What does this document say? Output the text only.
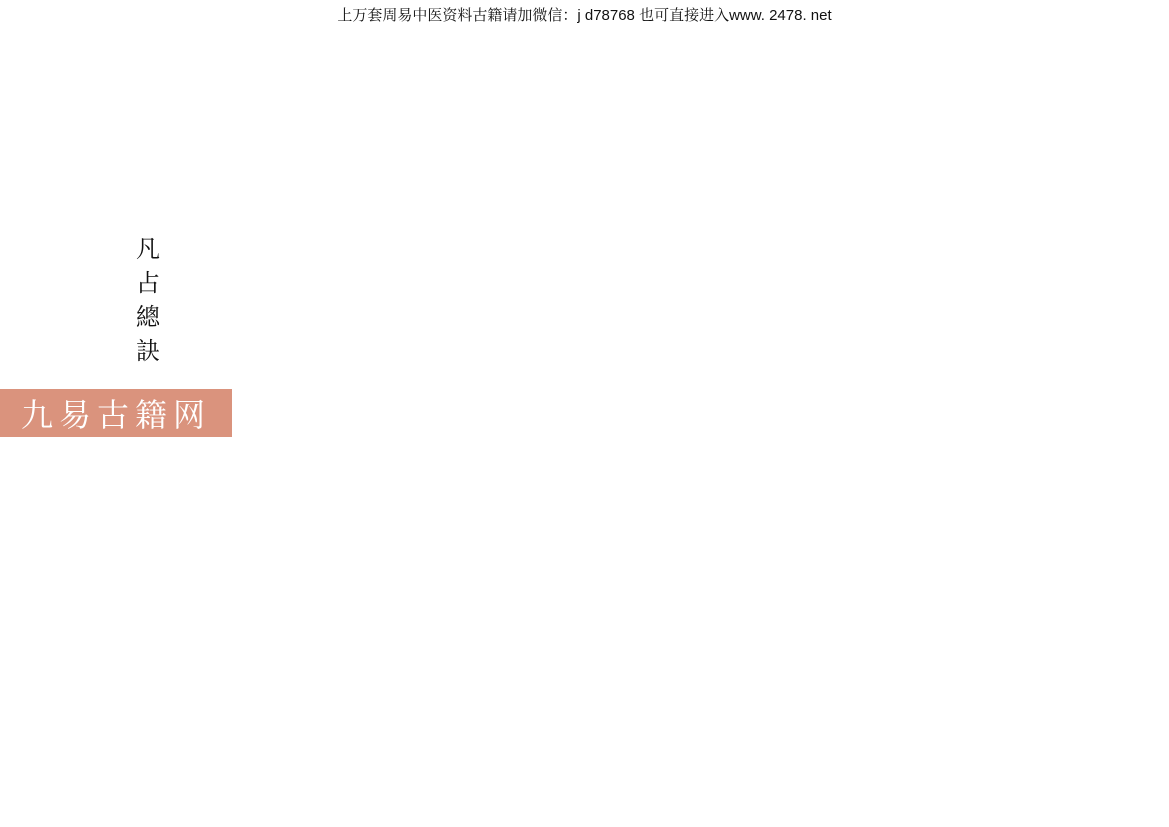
上万套周易中医资料古籍请加微信：j d78768 也可直接进入www. 2478. net
凡
占
總
訣
九易古籍网
